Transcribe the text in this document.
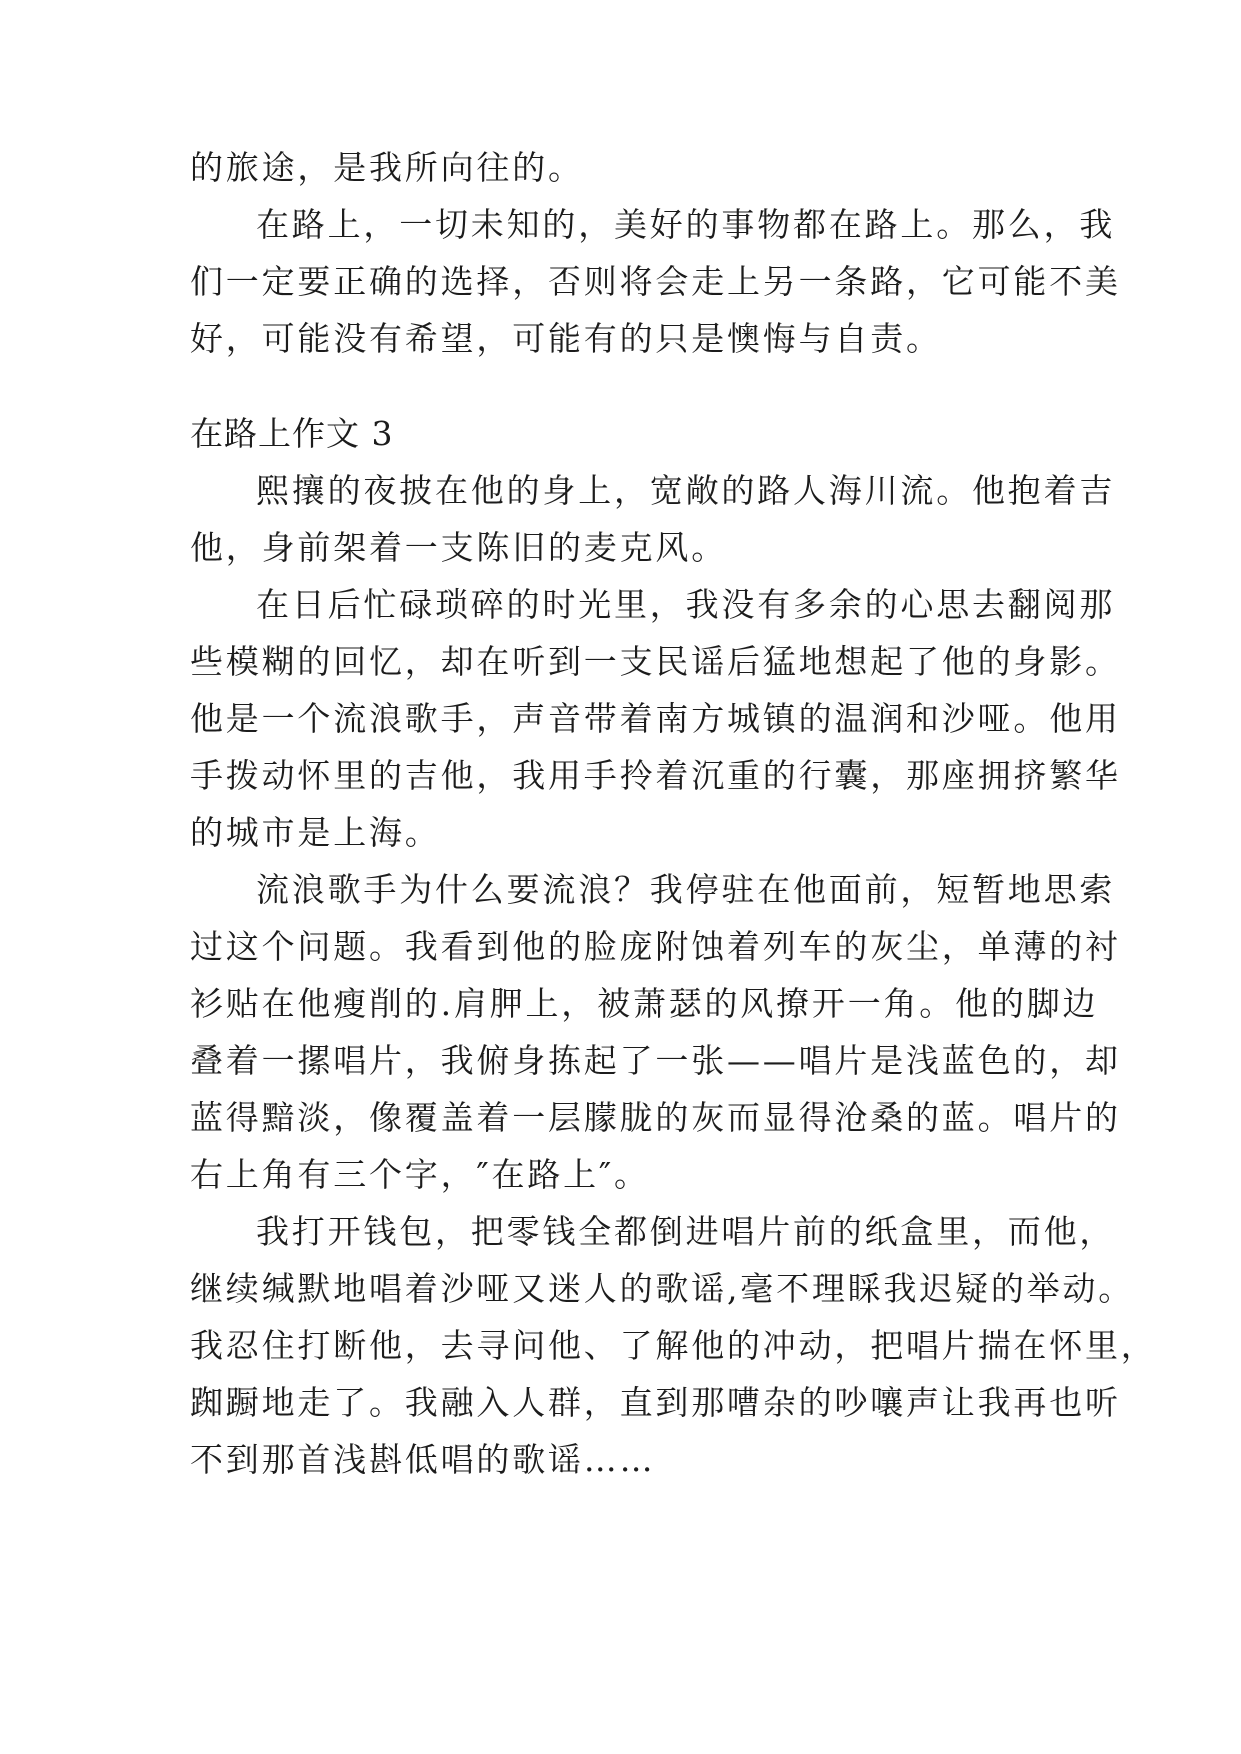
的旅途，是我所向往的。

在路上，一切未知的，美好的事物都在路上。那么，我

们一定要正确的选择，否则将会走上另一条路，它可能不美

好，可能没有希望，可能有的只是懊悔与自责。

在路上作文 3

熙攘的夜披在他的身上，宽敞的路人海川流。他抱着吉

他，身前架着一支陈旧的麦克风。

在日后忙碌琐碎的时光里，我没有多余的心思去翻阅那

些模糊的回忆，却在听到一支民谣后猛地想起了他的身影。

他是一个流浪歌手，声音带着南方城镇的温润和沙哑。他用

手拨动怀里的吉他，我用手拎着沉重的行囊，那座拥挤繁华

的城市是上海。

流浪歌手为什么要流浪？我停驻在他面前，短暂地思索

过这个问题。我看到他的脸庞附蚀着列车的灰尘，单薄的衬

衫贴在他瘦削的.肩胛上，被萧瑟的风撩开一角。他的脚边

叠着一摞唱片，我俯身拣起了一张——唱片是浅蓝色的，却

蓝得黯淡，像覆盖着一层朦胧的灰而显得沧桑的蓝。唱片的

右上角有三个字，″在路上″。

我打开钱包，把零钱全都倒进唱片前的纸盒里，而他，

继续缄默地唱着沙哑又迷人的歌谣,毫不理睬我迟疑的举动。

我忍住打断他，去寻问他、了解他的冲动，把唱片揣在怀里，

踟蹰地走了。我融入人群，直到那嘈杂的吵嚷声让我再也听

不到那首浅斟低唱的歌谣……
